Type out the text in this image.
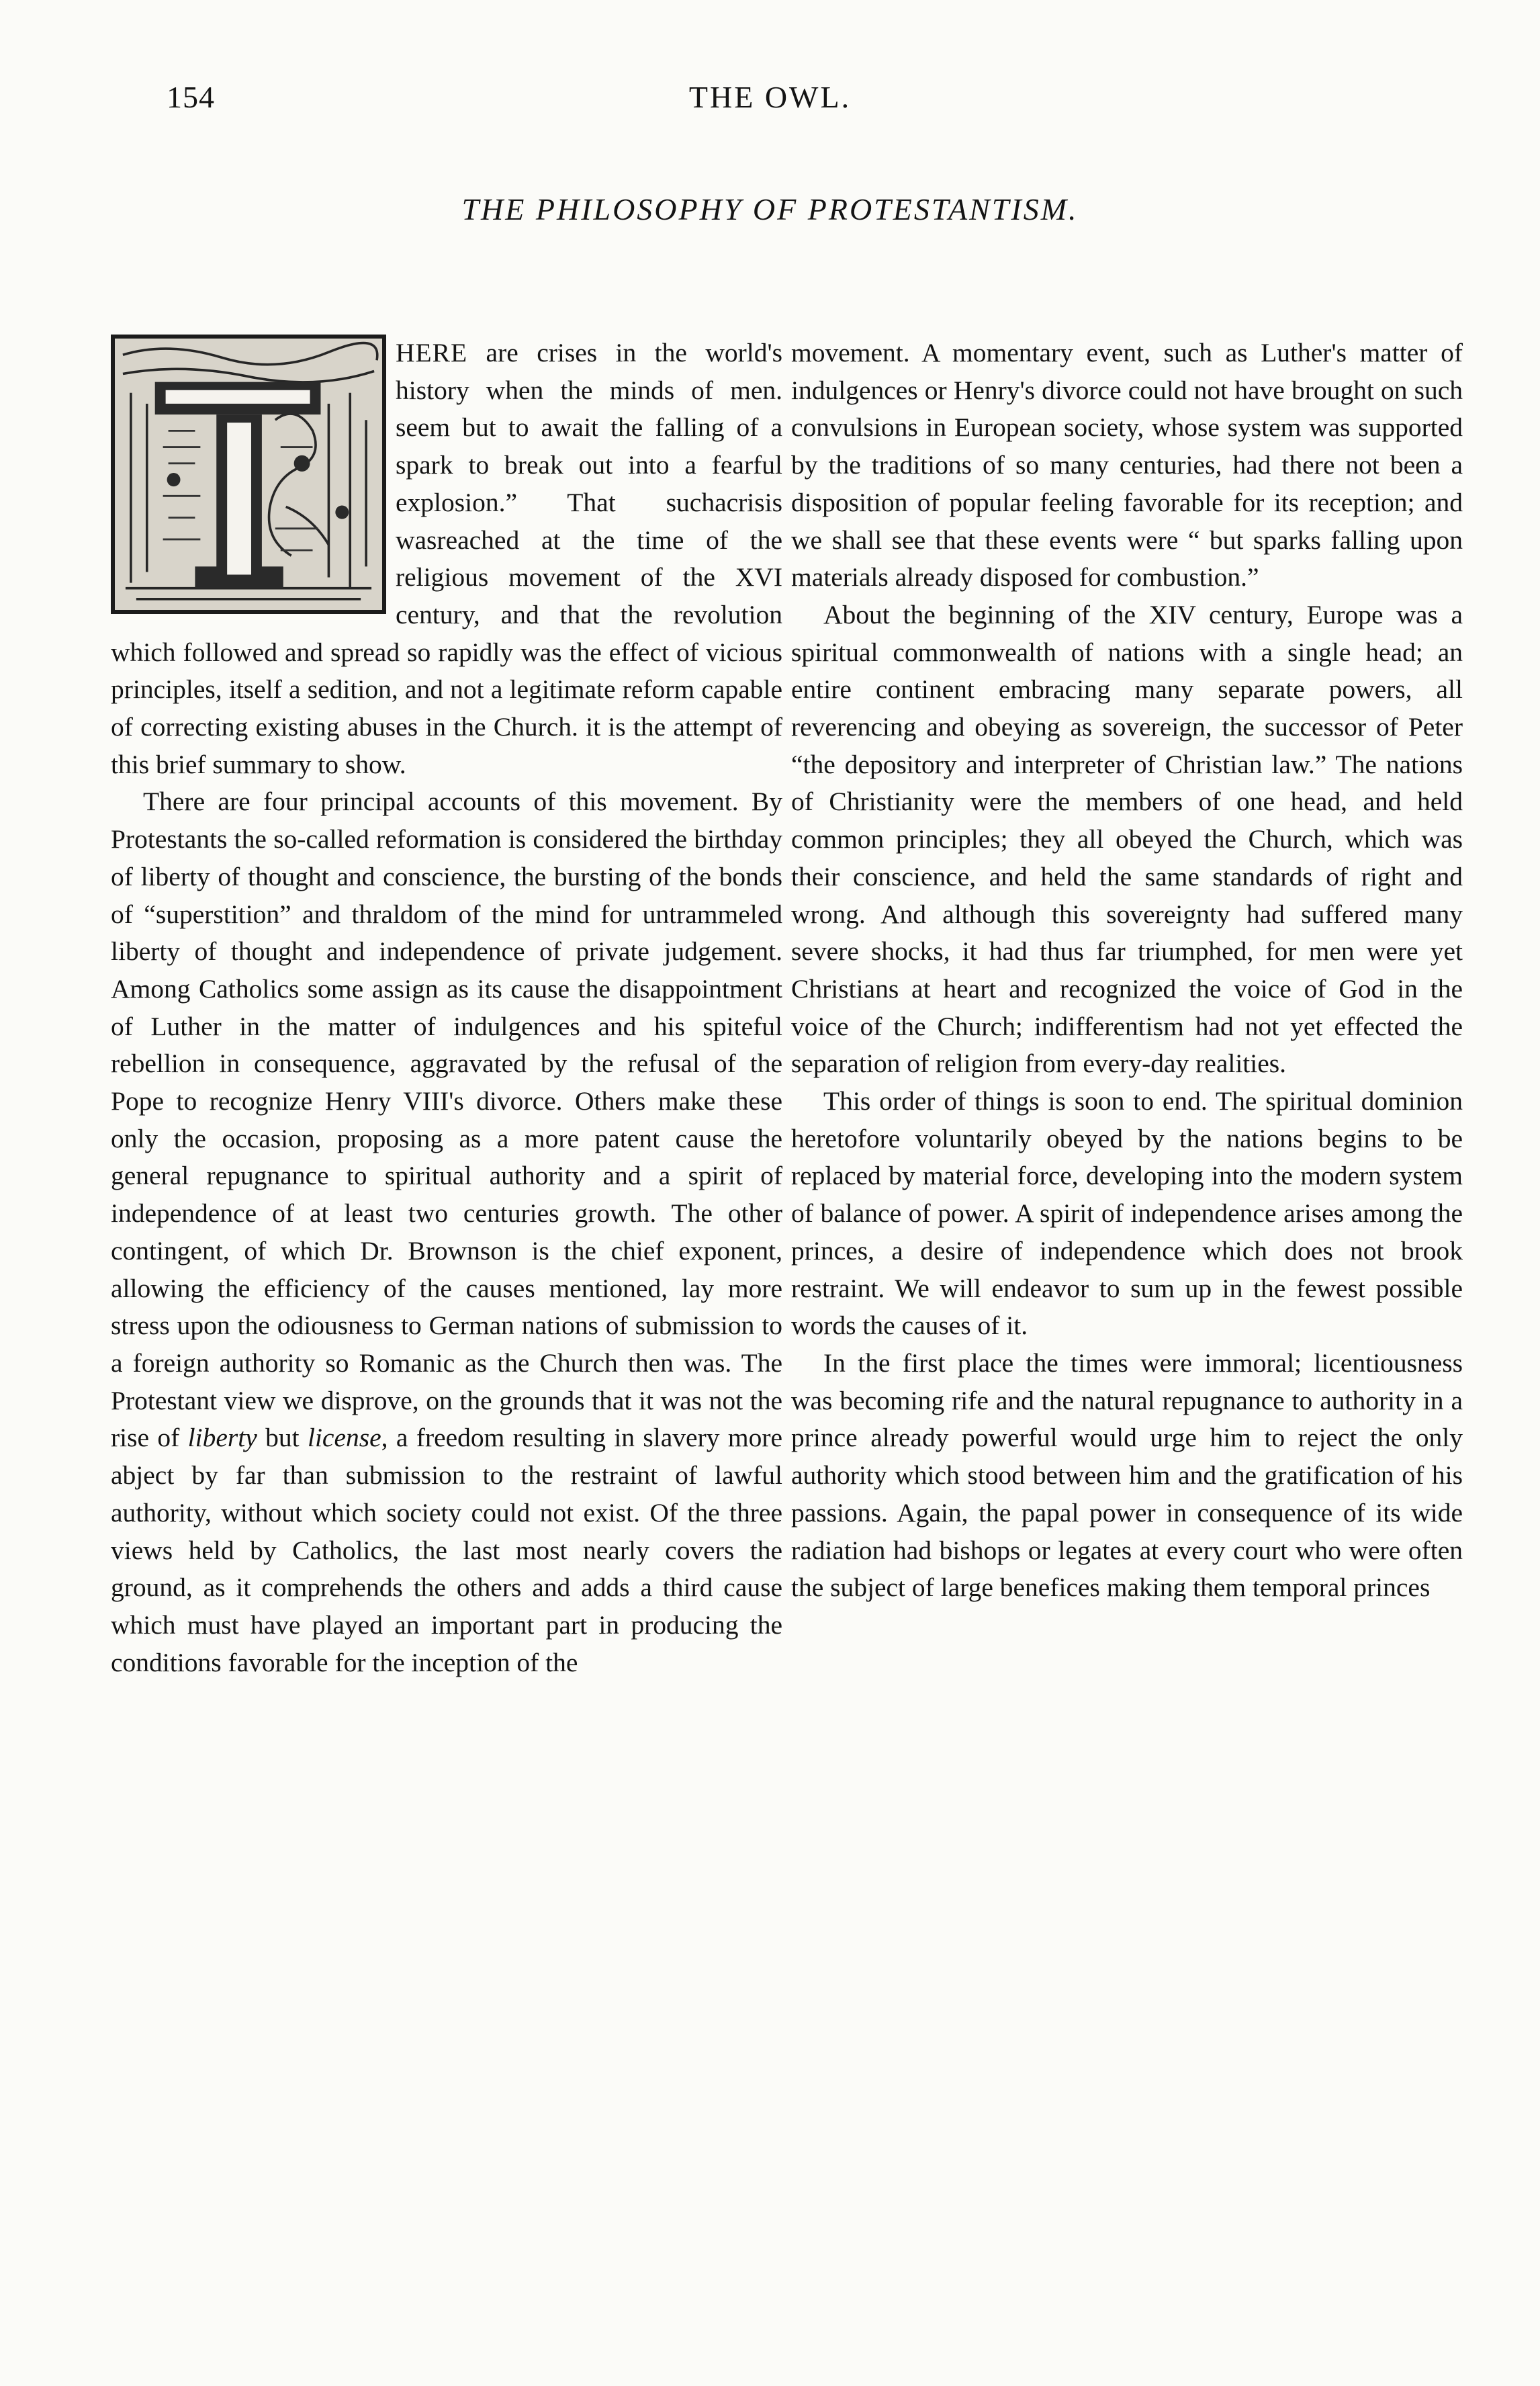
154	THE OWL.
THE PHILOSOPHY OF PROTESTANTISM.

HERE are crises in the world's history when the minds of men. seem but to await the falling of a spark to break out into a fearful explosion.” That suchacrisis wasreached at the time of the religious movement of the XVI century, and that the revolution which followed and spread so rapidly was the effect of vicious principles, itself a sedition, and not a legitimate reform capable of correcting existing abuses in the Church. it is the attempt of this brief summary to show.

There are four principal accounts of this movement. By Protestants the so-called reformation is considered the birthday of liberty of thought and conscience, the bursting of the bonds of “superstition” and thraldom of the mind for untrammeled liberty of thought and independence of private judgement. Among Catholics some assign as its cause the disappointment of Luther in the matter of indulgences and his spiteful rebellion in consequence, aggravated by the refusal of the Pope to recognize Henry VIII's divorce. Others make these only the occasion, proposing as a more patent cause the general repugnance to spiritual authority and a spirit of independence of at least two centuries growth. The other contingent, of which Dr. Brownson is the chief exponent, allowing the efficiency of the causes mentioned, lay more stress upon the odiousness to German nations of submission to a foreign authority so Romanic as the Church then was. The Protestant view we disprove, on the grounds that it was not the rise of liberty but license, a freedom resulting in slavery more abject by far than submission to the restraint of lawful authority, without which society could not exist. Of the three views held by Catholics, the last most nearly covers the ground, as it comprehends the others and adds a third cause which must have played an important part in producing the conditions favorable for the inception of the

movement. A momentary event, such as Luther's matter of indulgences or Henry's divorce could not have brought on such convulsions in European society, whose system was supported by the traditions of so many centuries, had there not been a disposition of popular feeling favorable for its reception; and we shall see that these events were “ but sparks falling upon materials already disposed for combustion.”

About the beginning of the XIV century, Europe was a spiritual commonwealth of nations with a single head; an entire continent embracing many separate powers, all reverencing and obeying as sovereign, the successor of Peter “the depository and interpreter of Christian law.” The nations of Christianity were the members of one head, and held common principles; they all obeyed the Church, which was their conscience, and held the same standards of right and wrong. And although this sovereignty had suffered many severe shocks, it had thus far triumphed, for men were yet Christians at heart and recognized the voice of God in the voice of the Church; indifferentism had not yet effected the separation of religion from every-day realities.

This order of things is soon to end. The spiritual dominion heretofore voluntarily obeyed by the nations begins to be replaced by material force, developing into the modern system of balance of power. A spirit of independence arises among the princes, a desire of independence which does not brook restraint. We will endeavor to sum up in the fewest possible words the causes of it.

In the first place the times were immoral; licentiousness was becoming rife and the natural repugnance to authority in a prince already powerful would urge him to reject the only authority which stood between him and the gratification of his passions. Again, the papal power in consequence of its wide radiation had bishops or legates at every court who were often the subject of large benefices making them temporal princes
